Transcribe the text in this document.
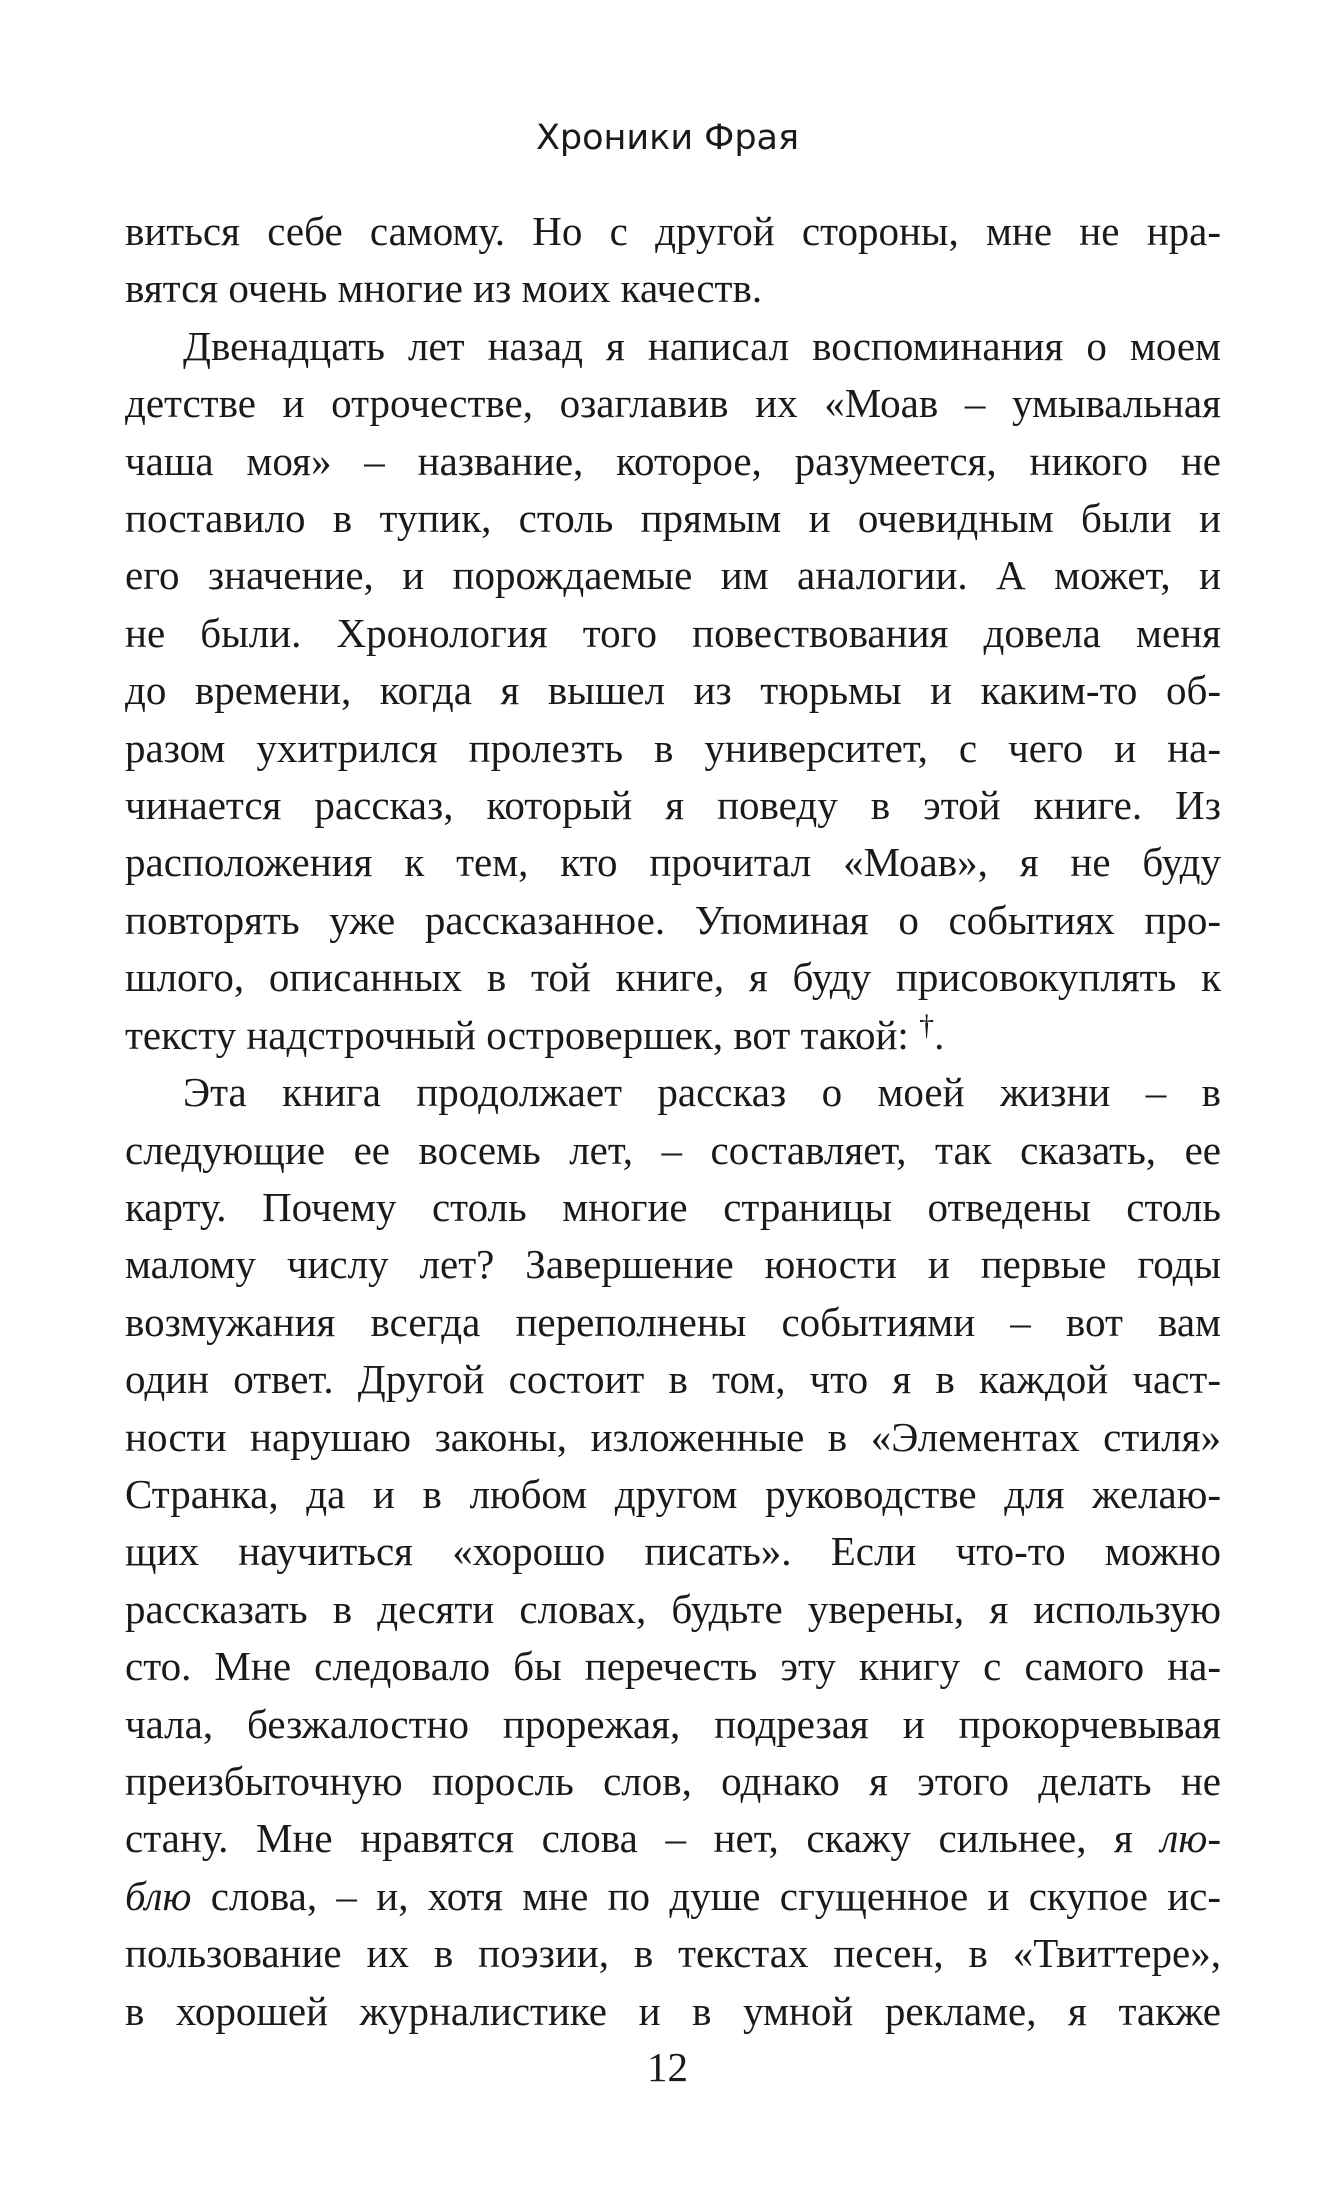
Хроники Фрая
виться себе самому. Но с другой стороны, мне не нра-
вятся очень многие из моих качеств.
Двенадцать лет назад я написал воспоминания о моем
детстве и отрочестве, озаглавив их «Моав – умывальная
чаша моя» – название, которое, разумеется, никого не
поставило в тупик, столь прямым и очевидным были и
его значение, и порождаемые им аналогии. А может, и
не были. Хронология того повествования довела меня
до времени, когда я вышел из тюрьмы и каким-то об-
разом ухитрился пролезть в университет, с чего и на-
чинается рассказ, который я поведу в этой книге. Из
расположения к тем, кто прочитал «Моав», я не буду
повторять уже рассказанное. Упоминая о событиях про-
шлого, описанных в той книге, я буду присовокуплять к
тексту надстрочный островершек, вот такой: †.
Эта книга продолжает рассказ о моей жизни – в
следующие ее восемь лет, – составляет, так сказать, ее
карту. Почему столь многие страницы отведены столь
малому числу лет? Завершение юности и первые годы
возмужания всегда переполнены событиями – вот вам
один ответ. Другой состоит в том, что я в каждой част-
ности нарушаю законы, изложенные в «Элементах стиля»
Странка, да и в любом другом руководстве для желаю-
щих научиться «хорошо писать». Если что-то можно
рассказать в десяти словах, будьте уверены, я использую
сто. Мне следовало бы перечесть эту книгу с самого на-
чала, безжалостно прорежая, подрезая и прокорчевывая
преизбыточную поросль слов, однако я этого делать не
стану. Мне нравятся слова – нет, скажу сильнее, я лю-
блю слова, – и, хотя мне по душе сгущенное и скупое ис-
пользование их в поэзии, в текстах песен, в «Твиттере»,
в хорошей журналистике и в умной рекламе, я также
12
